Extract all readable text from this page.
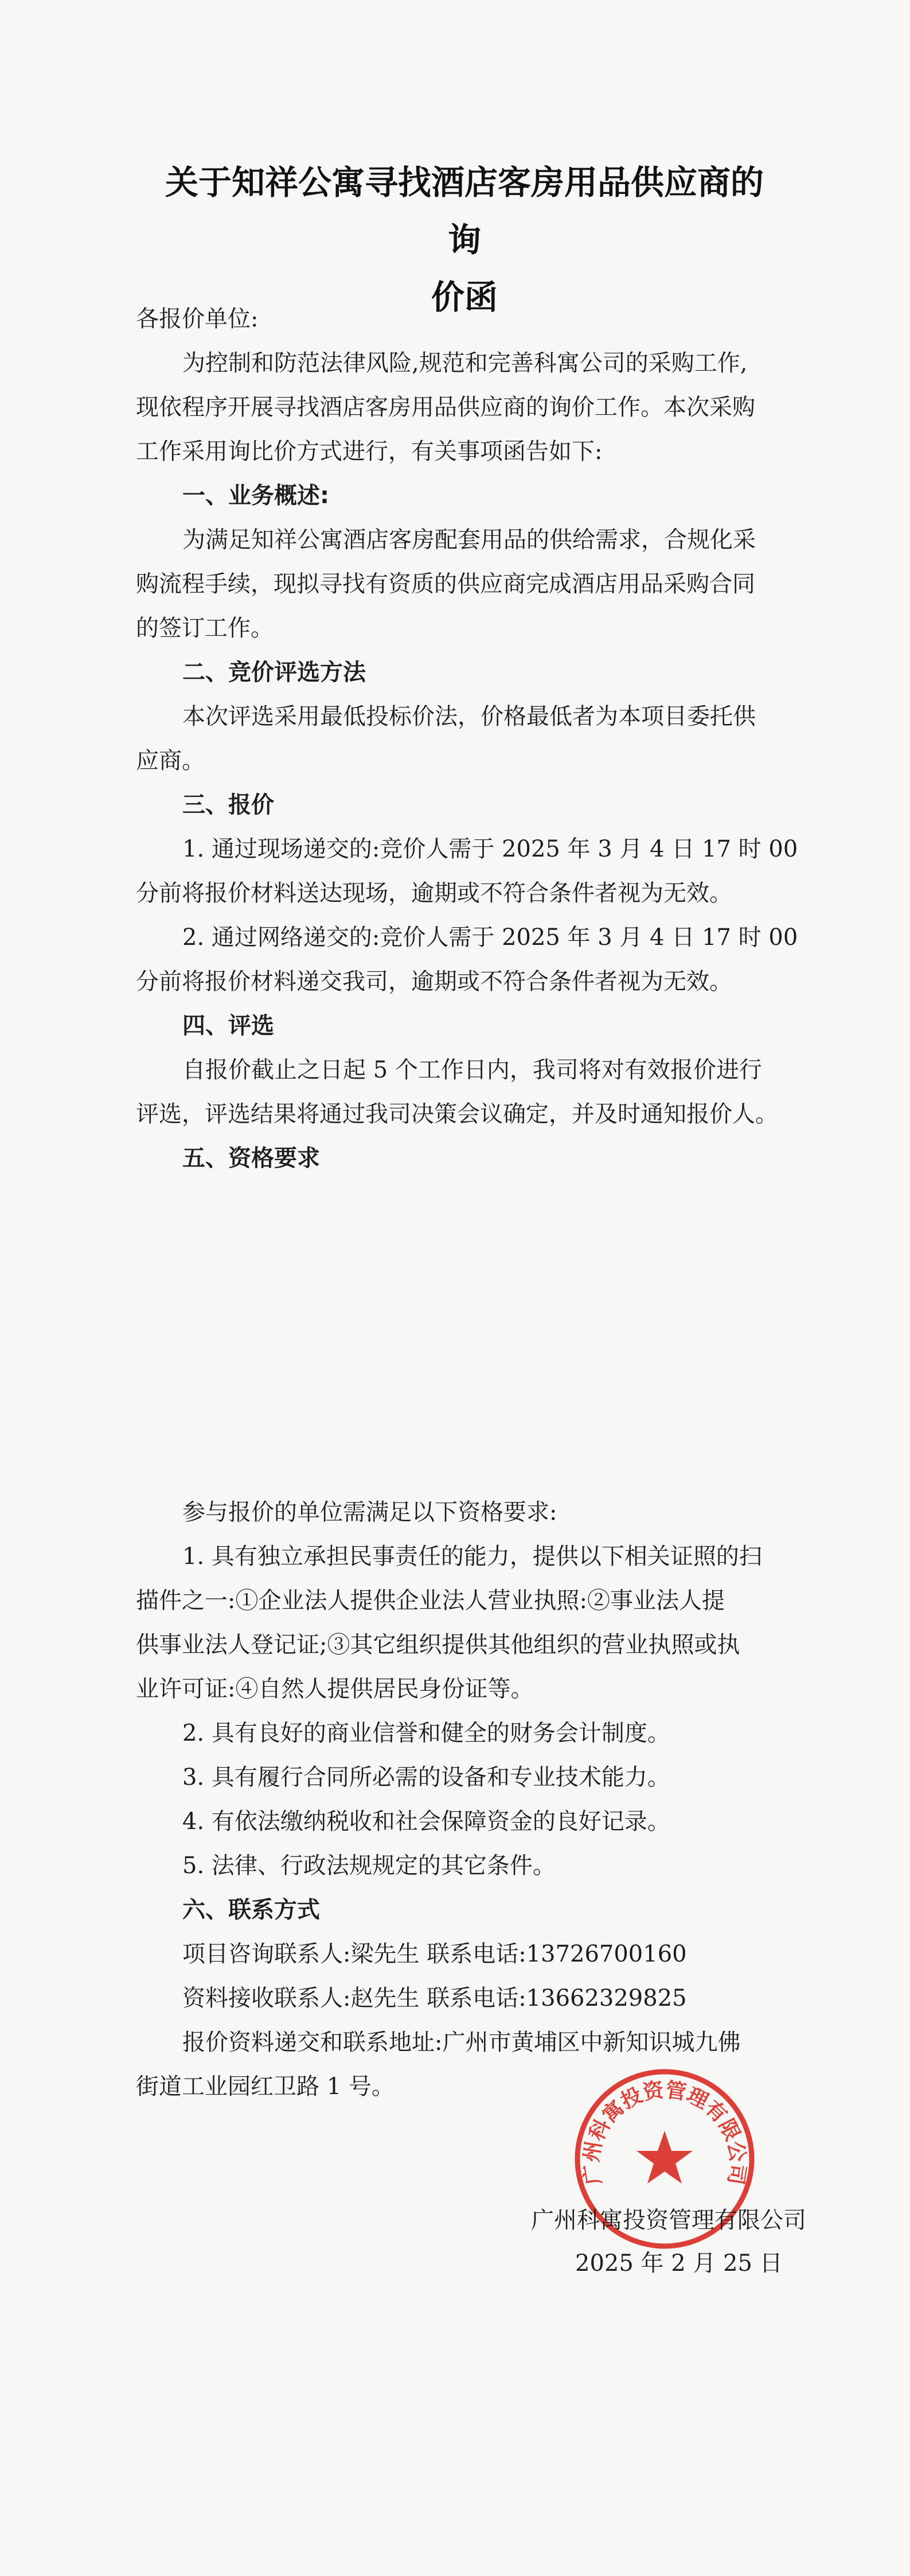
关于知祥公寓寻找酒店客房用品供应商的询
价函
各报价单位:
为控制和防范法律风险,规范和完善科寓公司的采购工作,
现依程序开展寻找酒店客房用品供应商的询价工作。本次采购
工作采用询比价方式进行，有关事项函告如下:
一、业务概述:
为满足知祥公寓酒店客房配套用品的供给需求，合规化采
购流程手续，现拟寻找有资质的供应商完成酒店用品采购合同
的签订工作。
二、竞价评选方法
本次评选采用最低投标价法，价格最低者为本项目委托供
应商。
三、报价
1. 通过现场递交的:竞价人需于 2025 年 3 月 4 日 17 时 00
分前将报价材料送达现场，逾期或不符合条件者视为无效。
2. 通过网络递交的:竞价人需于 2025 年 3 月 4 日 17 时 00
分前将报价材料递交我司，逾期或不符合条件者视为无效。
四、评选
自报价截止之日起 5 个工作日内，我司将对有效报价进行
评选，评选结果将通过我司决策会议确定，并及时通知报价人。
五、资格要求
参与报价的单位需满足以下资格要求:
1. 具有独立承担民事责任的能力，提供以下相关证照的扫
描件之一:①企业法人提供企业法人营业执照:②事业法人提
供事业法人登记证;③其它组织提供其他组织的营业执照或执
业许可证:④自然人提供居民身份证等。
2. 具有良好的商业信誉和健全的财务会计制度。
3. 具有履行合同所必需的设备和专业技术能力。
4. 有依法缴纳税收和社会保障资金的良好记录。
5. 法律、行政法规规定的其它条件。
六、联系方式
项目咨询联系人:梁先生 联系电话:13726700160
资料接收联系人:赵先生 联系电话:13662329825
报价资料递交和联系地址:广州市黄埔区中新知识城九佛
街道工业园红卫路 1 号。
广州科寓投资管理有限公司
广州科寓投资管理有限公司
2025 年 2 月 25 日
